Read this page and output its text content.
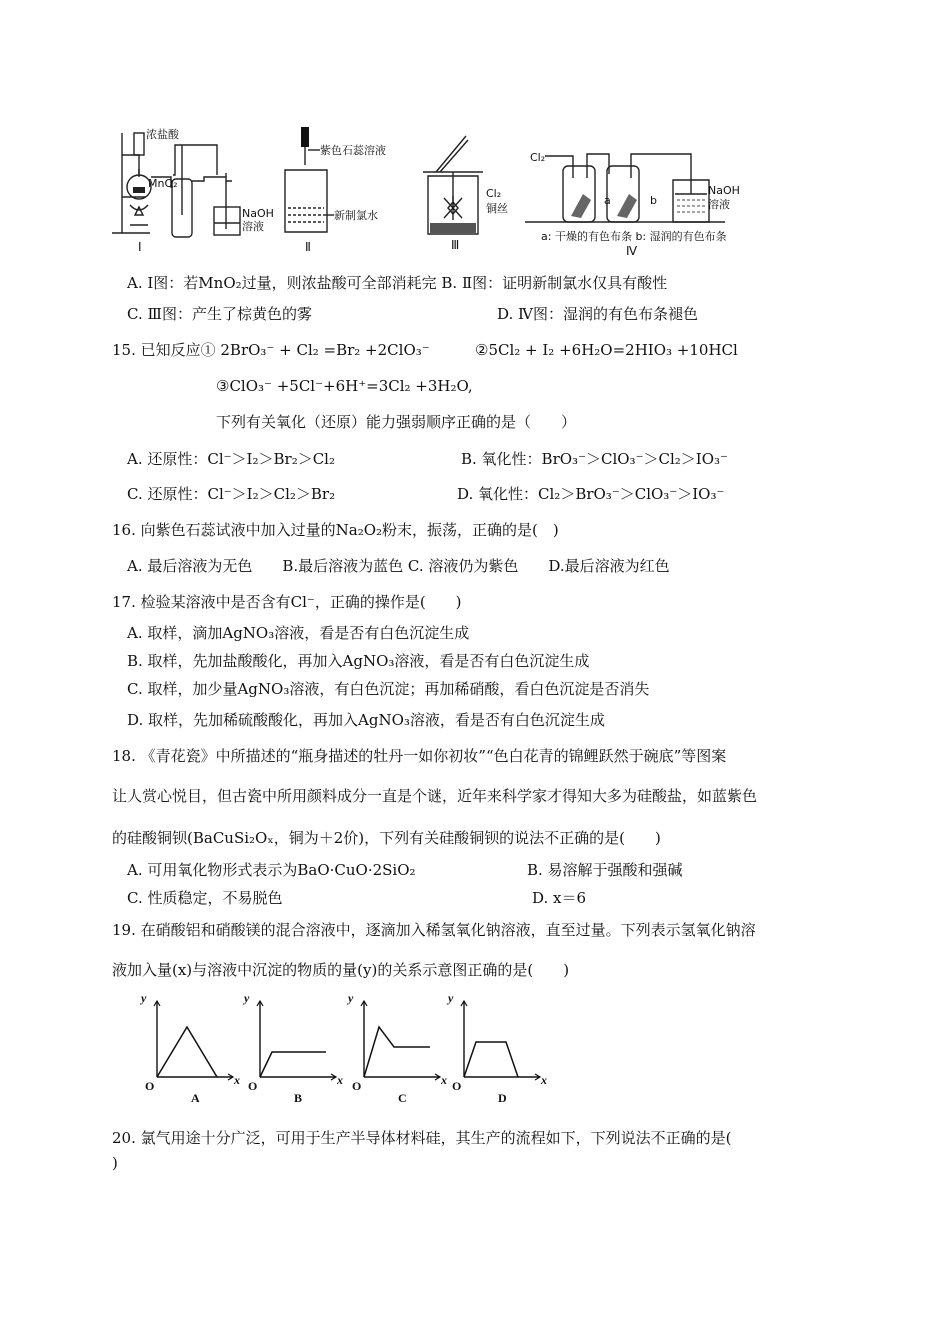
浓盐酸
MnO₂
NaOH
溶液
Ⅰ
紫色石蕊溶液
新制氯水
Ⅱ
Cl₂
铜丝
Ⅲ
Cl₂
a	b
NaOH
溶液
a: 干燥的有色布条 b: 湿润的有色布条
Ⅳ
A. Ⅰ图：若MnO₂过量，则浓盐酸可全部消耗完 B. Ⅱ图：证明新制氯水仅具有酸性
C. Ⅲ图：产生了棕黄色的雾	D. Ⅳ图：湿润的有色布条褪色
15. 已知反应① 2BrO₃⁻ + Cl₂ =Br₂ +2ClO₃⁻	②5Cl₂ + I₂ +6H₂O=2HIO₃ +10HCl
③ClO₃⁻ +5Cl⁻+6H⁺=3Cl₂ +3H₂O,
下列有关氧化（还原）能力强弱顺序正确的是（　　）
A. 还原性：Cl⁻＞I₂＞Br₂＞Cl₂	B. 氧化性：BrO₃⁻＞ClO₃⁻＞Cl₂＞IO₃⁻
C. 还原性：Cl⁻＞I₂＞Cl₂＞Br₂	D. 氧化性：Cl₂＞BrO₃⁻＞ClO₃⁻＞IO₃⁻
16. 向紫色石蕊试液中加入过量的Na₂O₂粉末，振荡，正确的是(　)
A. 最后溶液为无色　　B.最后溶液为蓝色 C. 溶液仍为紫色　　D.最后溶液为红色
17. 检验某溶液中是否含有Cl⁻，正确的操作是(　　)
A. 取样，滴加AgNO₃溶液，看是否有白色沉淀生成
B. 取样，先加盐酸酸化，再加入AgNO₃溶液，看是否有白色沉淀生成
C. 取样，加少量AgNO₃溶液，有白色沉淀；再加稀硝酸，看白色沉淀是否消失
D. 取样，先加稀硫酸酸化，再加入AgNO₃溶液，看是否有白色沉淀生成
18. 《青花瓷》中所描述的“瓶身描述的牡丹一如你初妆”“色白花青的锦鲤跃然于碗底”等图案
让人赏心悦目，但古瓷中所用颜料成分一直是个谜，近年来科学家才得知大多为硅酸盐，如蓝紫色
的硅酸铜钡(BaCuSi₂Oₓ，铜为＋2价)，下列有关硅酸铜钡的说法不正确的是(　　)
A. 可用氧化物形式表示为BaO·CuO·2SiO₂	B. 易溶解于强酸和强碱
C. 性质稳定，不易脱色	D. x＝6
19. 在硝酸铝和硝酸镁的混合溶液中，逐滴加入稀氢氧化钠溶液，直至过量。下列表示氢氧化钠溶
液加入量(x)与溶液中沉淀的物质的量(y)的关系示意图正确的是(　　)
y
x
O
A
y
x
O
B
y
x
O
C
y
x
O
D
20. 氯气用途十分广泛，可用于生产半导体材料硅，其生产的流程如下，下列说法不正确的是(
)
